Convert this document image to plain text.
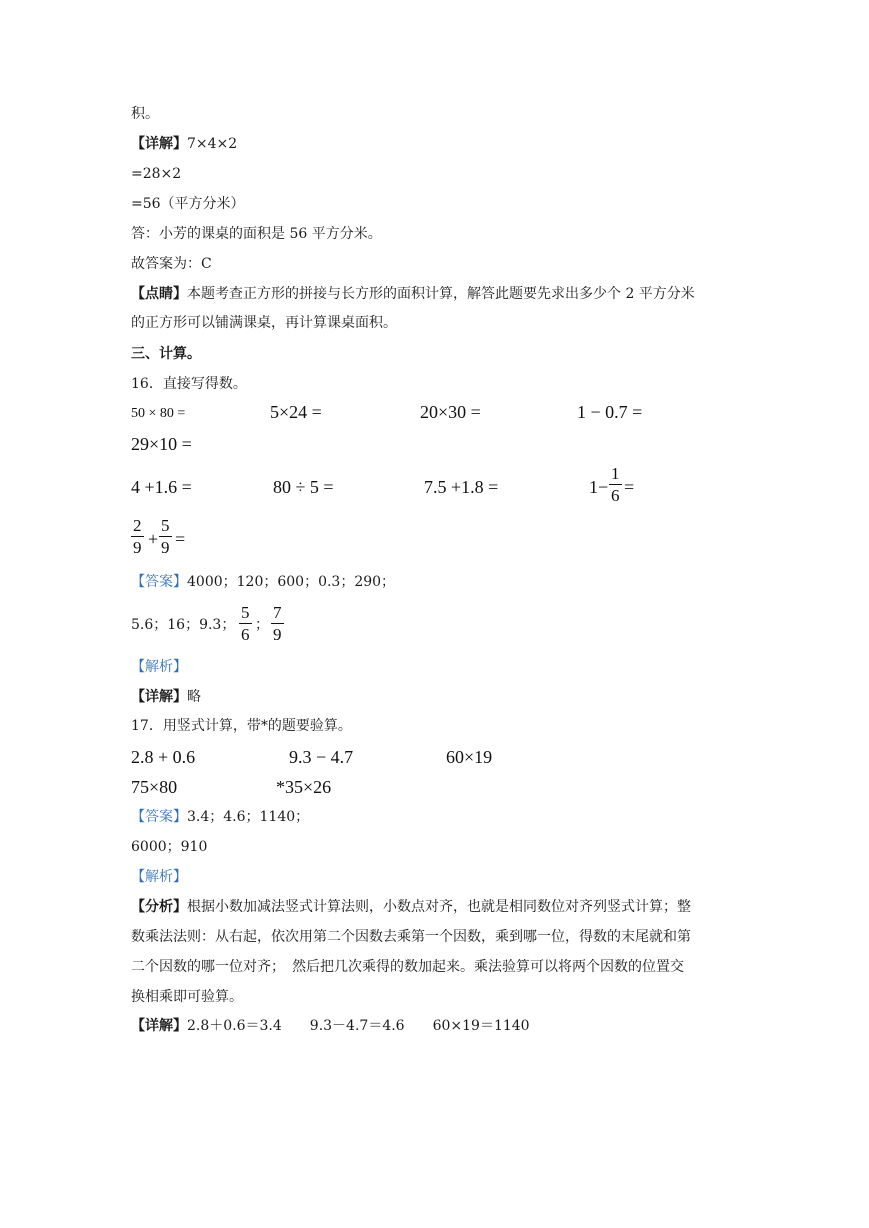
积。
【详解】7×4×2
=28×2
=56（平方分米）
答：小芳的课桌的面积是 56 平方分米。
故答案为：C
【点睛】本题考查正方形的拼接与长方形的面积计算，解答此题要先求出多少个 2 平方分米
的正方形可以铺满课桌，再计算课桌面积。
三、计算。
16．直接写得数。
50 × 80 =	5×24 =	20×30 =	1 − 0.7 =
29×10 =
4 +1.6 =	80 ÷ 5 =	7.5 +1.8 =	1−
1
6 =
2
9 +
5
9 =
【答案】4000；120；600；0.3；290；
5.6；16；9.3；
5
6 ；
7
9
【解析】
【详解】略
17．用竖式计算，带*的题要验算。
2.8 + 0.6	9.3 − 4.7	60×19
75×80	*35×26
【答案】3.4；4.6；1140；
6000；910
【解析】
【分析】根据小数加减法竖式计算法则，小数点对齐，也就是相同数位对齐列竖式计算；整
数乘法法则：从右起，依次用第二个因数去乘第一个因数，乘到哪一位，得数的末尾就和第
二个因数的哪一位对齐；　然后把几次乘得的数加起来。乘法验算可以将两个因数的位置交
换相乘即可验算。
【详解】2.8＋0.6＝3.4　　9.3－4.7＝4.6　　60×19＝1140
